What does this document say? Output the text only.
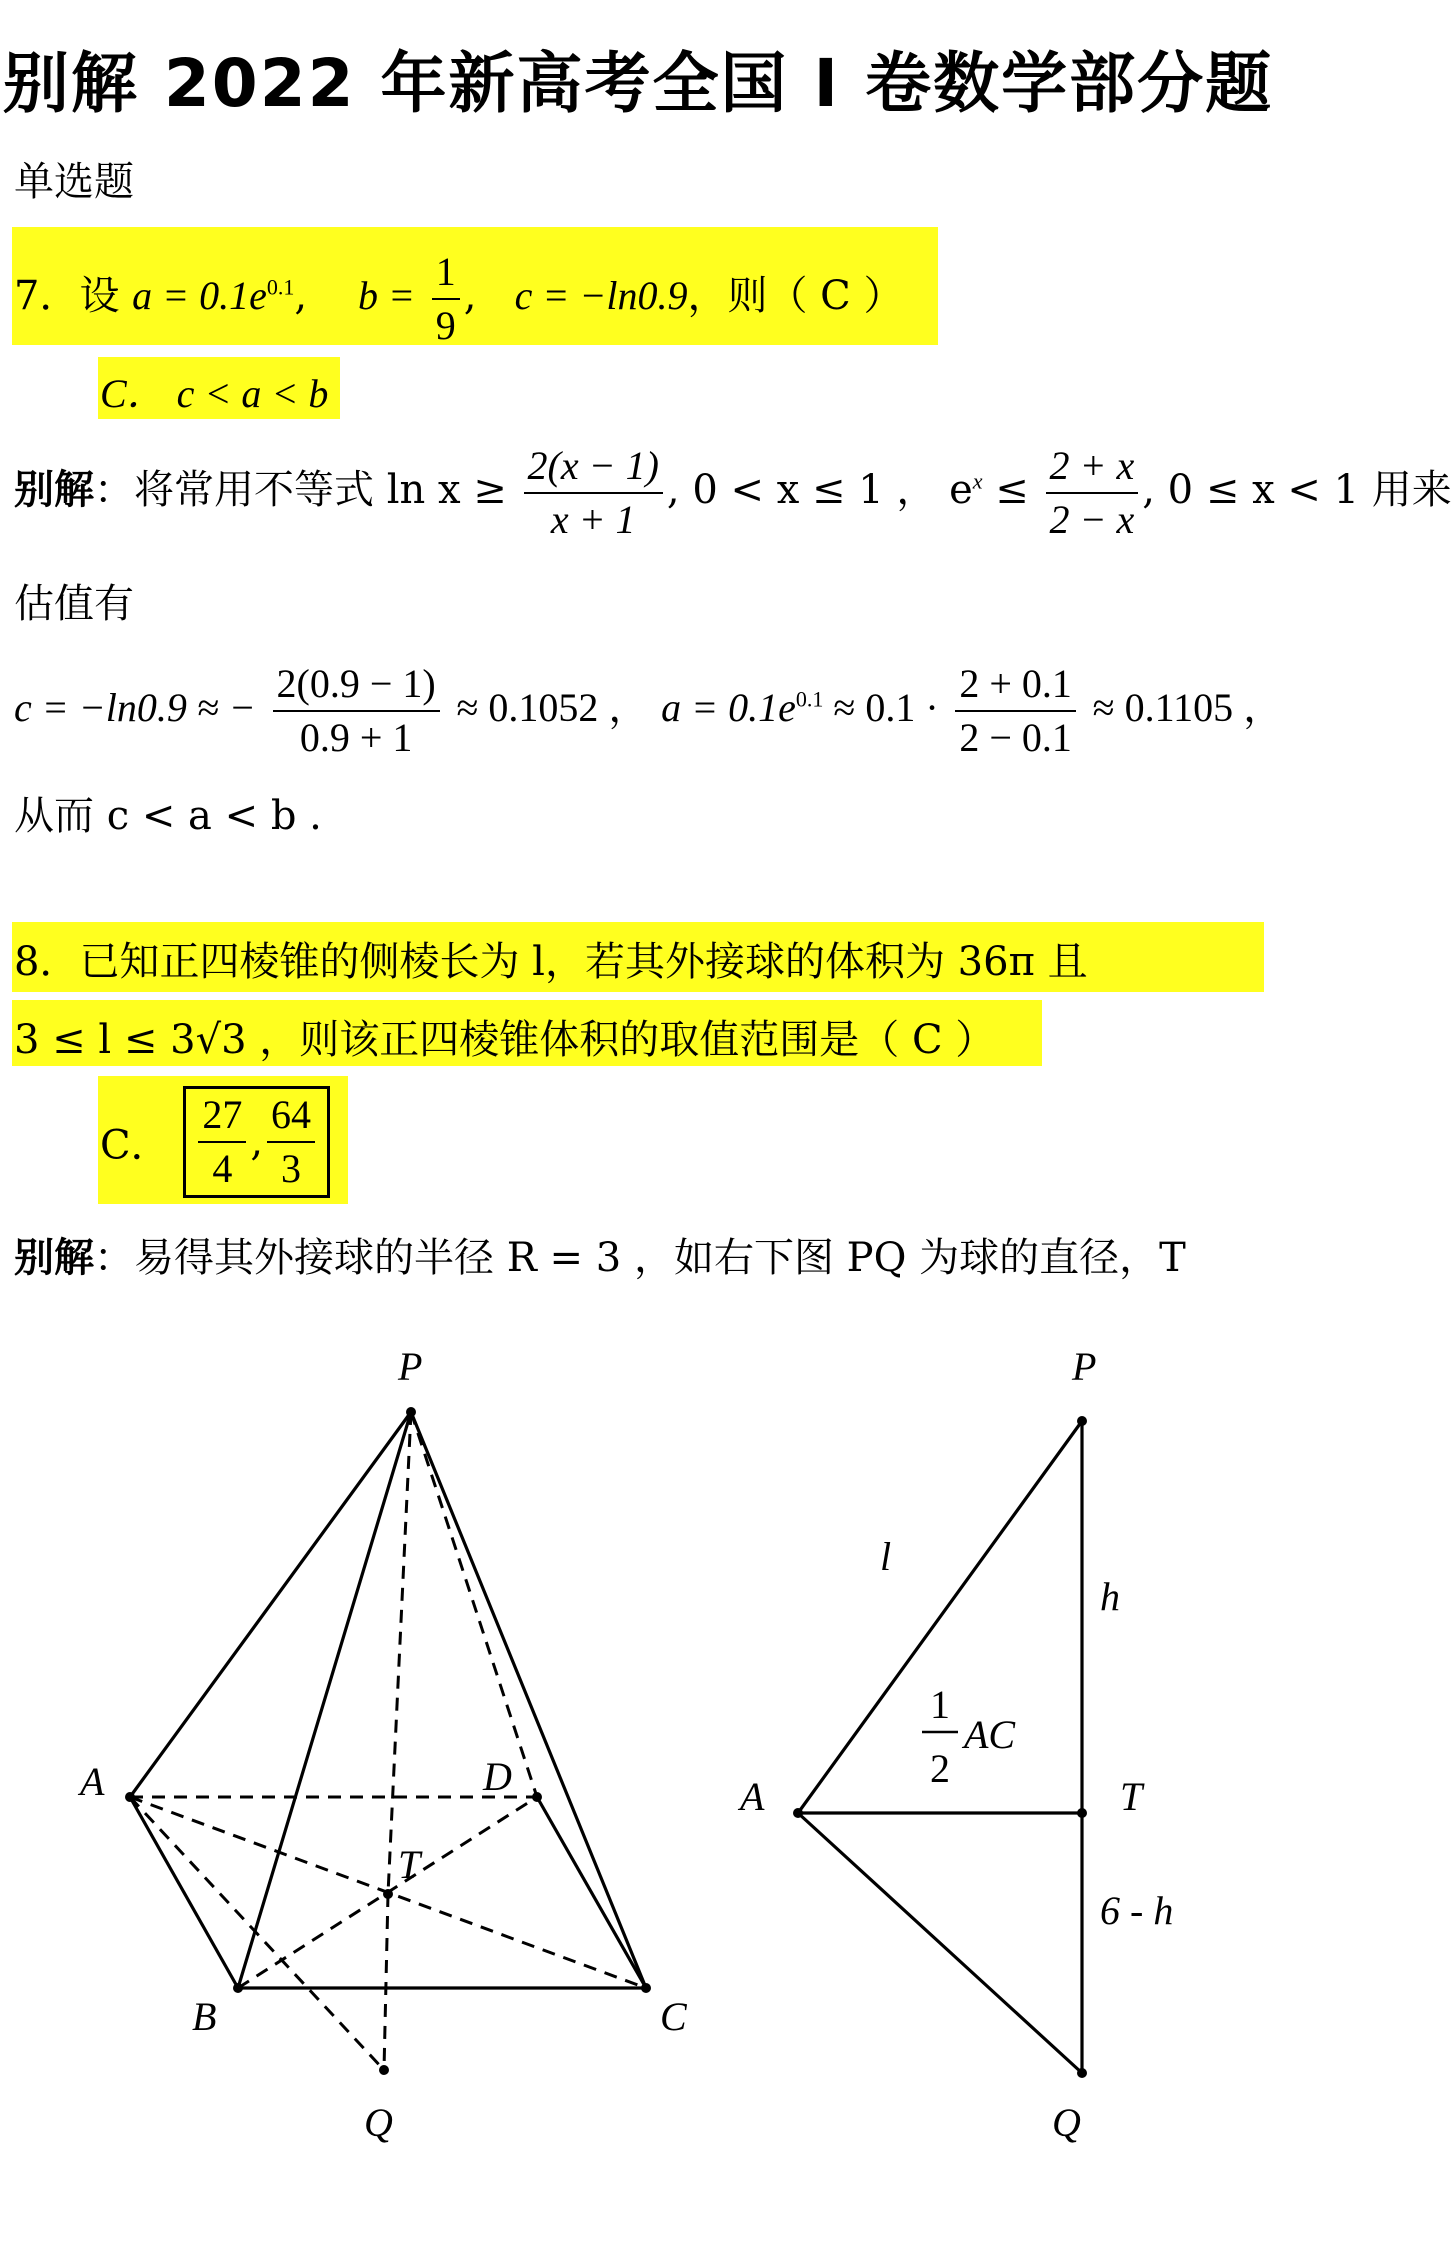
别解 2022 年新高考全国 Ⅰ 卷数学部分题
单选题
7．设 $a = 0.1e^{0.1}$,    $b = \frac{1}{9}$ ,   c = −ln0.9，则（ C ）
C． c < a < b
别解：将常用不等式 $\ln x \ge \frac{2(x - 1)}{x + 1}$ , 0 < x ≤ 1 ， $e^x \le \frac{2 + x}{2 - x}$ , 0 ≤ x < 1 用来
估值有
c = −ln0.9 ≈ − $\frac{2(0.9 - 1)}{0.9 + 1} \approx 0.1052$ ， $a = 0.1e^{0.1} \approx 0.1 \cdot \frac{2 + 0.1}{2 - 0.1} \approx 0.1105$ ，
从而 c < a < b .
8．已知正四棱锥的侧棱长为 l，若其外接球的体积为 36π 且
3 ≤ l ≤ 3√3 ，则该正四棱锥体积的取值范围是（ C ）
C． $\frac{27}{4}$ , $\frac{64}{3}$
别解：易得其外接球的半径 R = 3 ，如右下图 PQ 为球的直径，T
P
A
B	C
D
T
Q
P
A	T
Q
l
h
6 - h
1
2
AC
